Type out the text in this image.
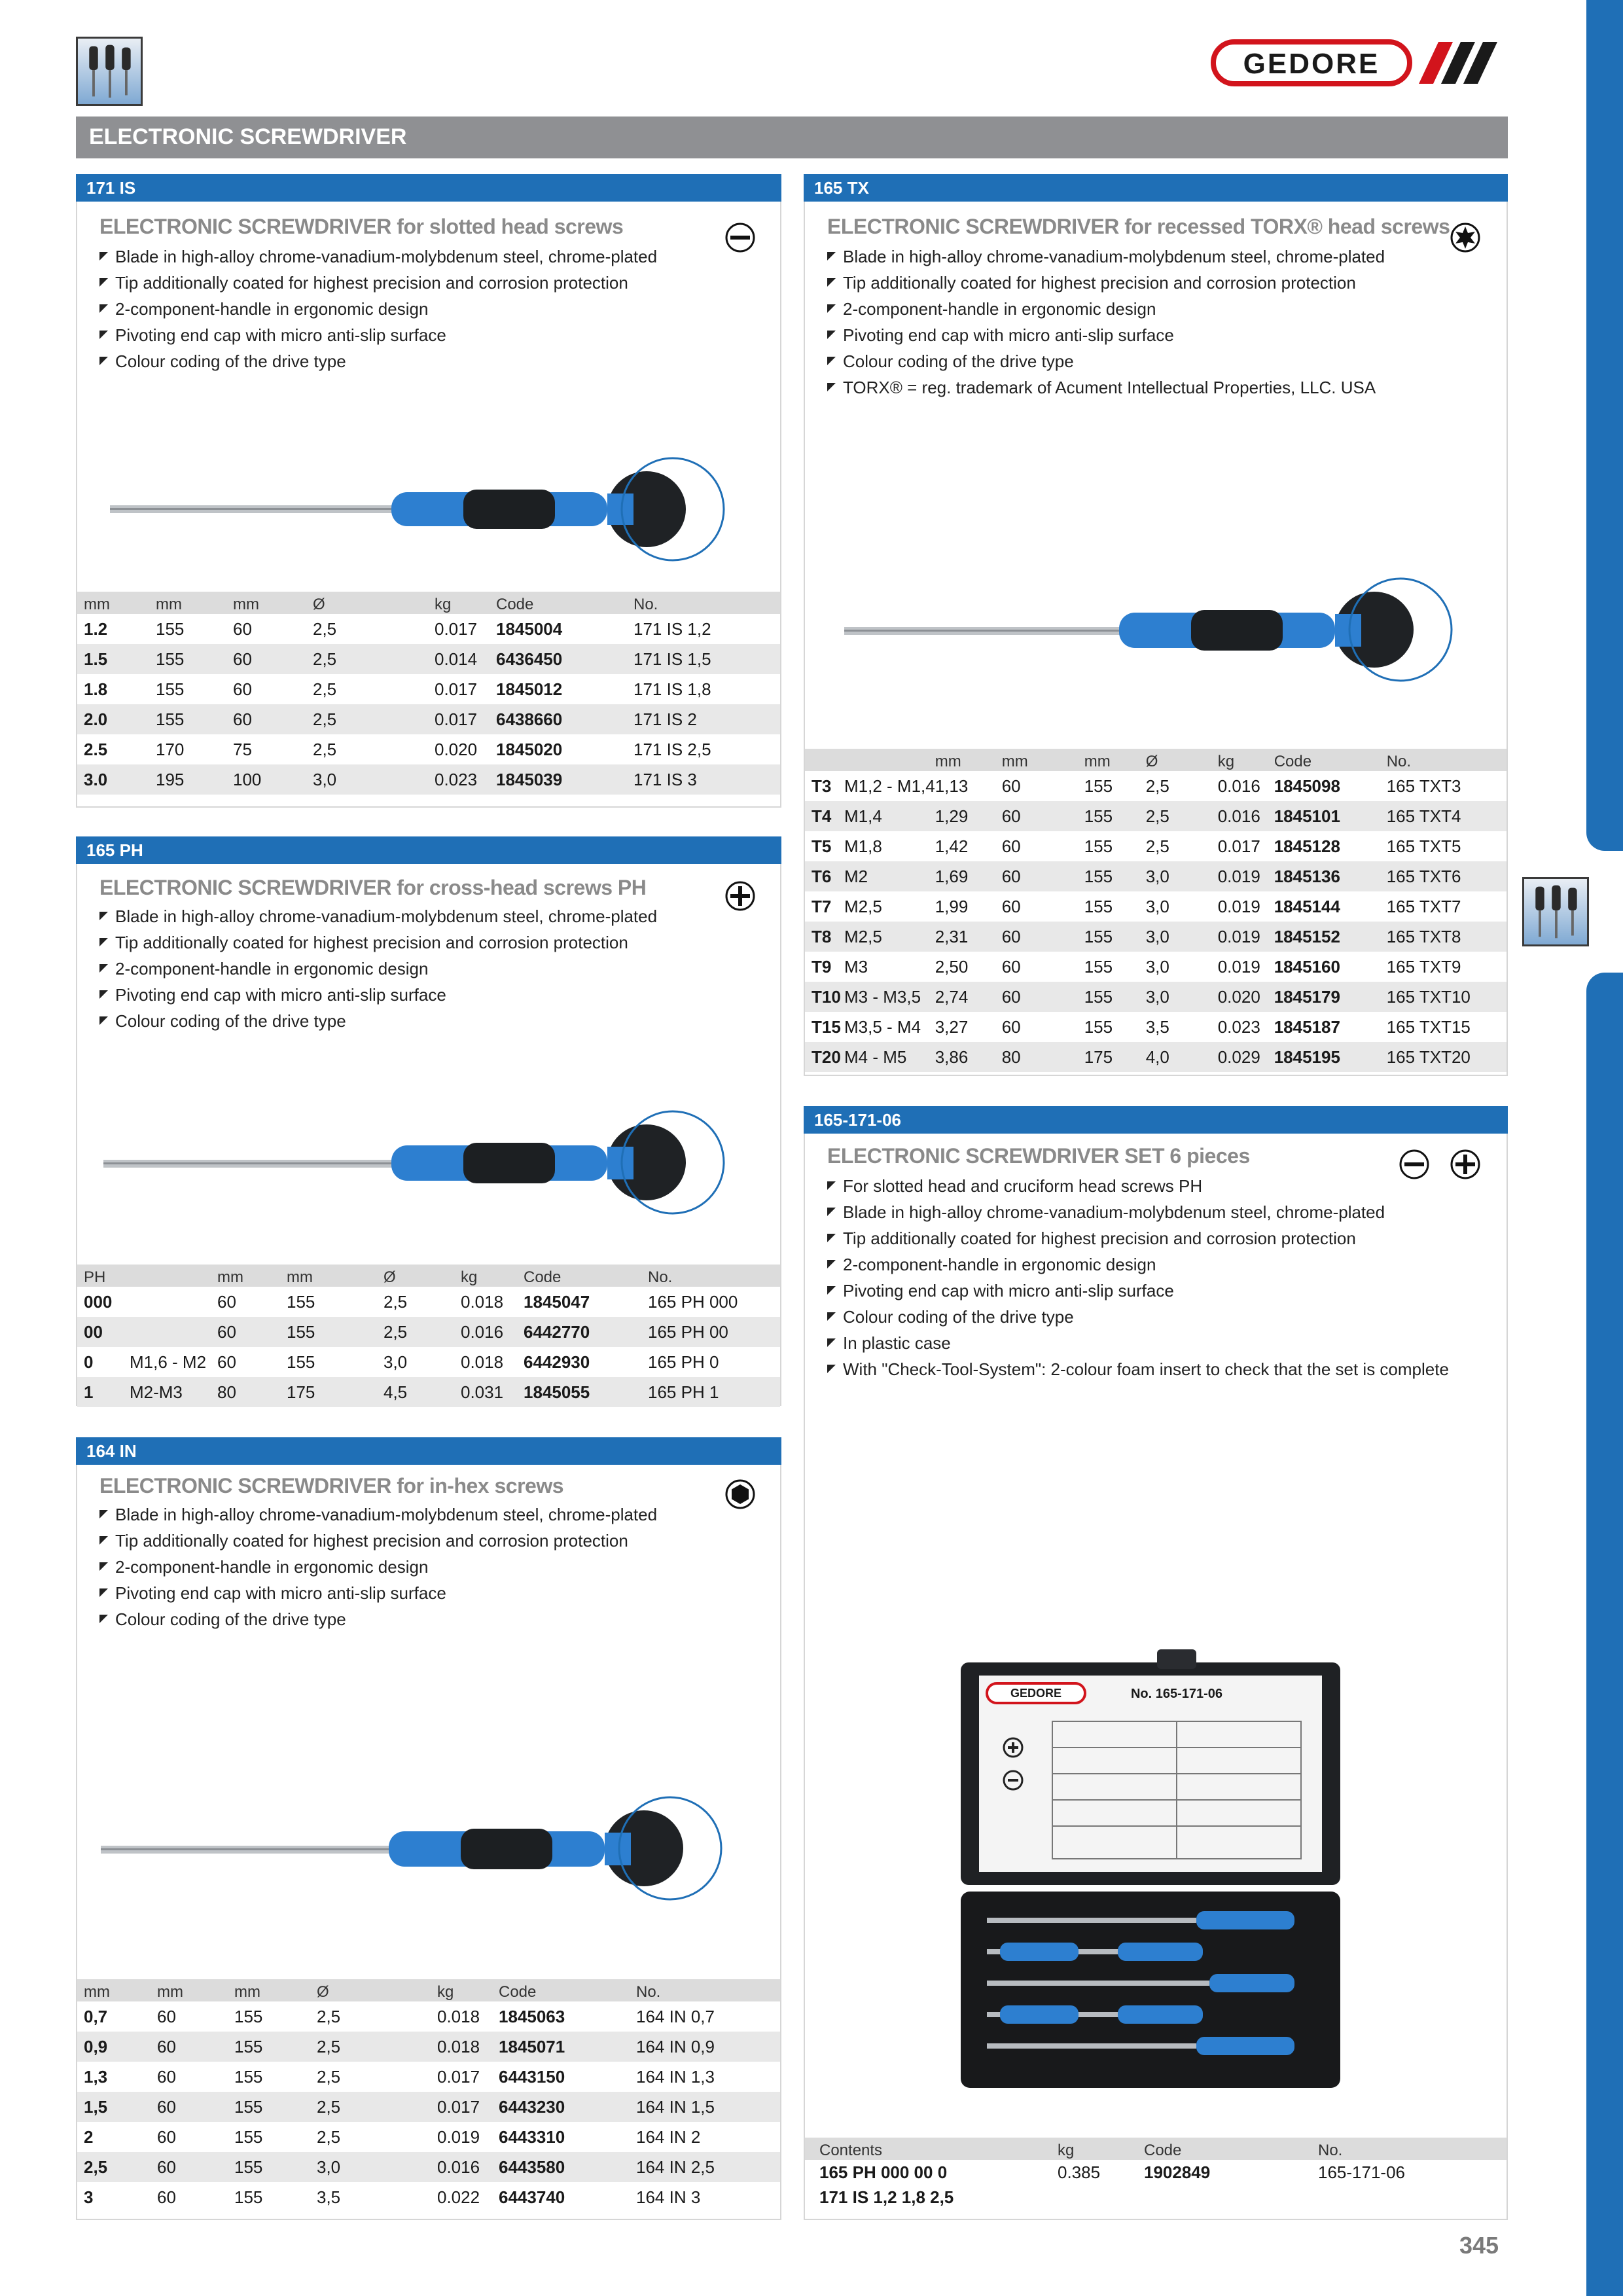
GEDORE
ELECTRONIC SCREWDRIVER
171 IS
ELECTRONIC SCREWDRIVER for slotted head screws
Blade in high-alloy chrome-vanadium-molybdenum steel, chrome-plated
Tip additionally coated for highest precision and corrosion protection
2-component-handle in ergonomic design
Pivoting end cap with micro anti-slip surface
Colour coding of the drive type
mm	mm	mm	Ø	kg	Code	No.
1.2	155	60	2,5	0.017	1845004	171 IS 1,2
1.5	155	60	2,5	0.014	6436450	171 IS 1,5
1.8	155	60	2,5	0.017	1845012	171 IS 1,8
2.0	155	60	2,5	0.017	6438660	171 IS 2
2.5	170	75	2,5	0.020	1845020	171 IS 2,5
3.0	195	100	3,0	0.023	1845039	171 IS 3
165 PH
ELECTRONIC SCREWDRIVER for cross-head screws PH
Blade in high-alloy chrome-vanadium-molybdenum steel, chrome-plated
Tip additionally coated for highest precision and corrosion protection
2-component-handle in ergonomic design
Pivoting end cap with micro anti-slip surface
Colour coding of the drive type
PH		mm	mm	Ø	kg	Code	No.
000		60	155	2,5	0.018	1845047	165 PH 000
00		60	155	2,5	0.016	6442770	165 PH 00
0	M1,6 - M2	60	155	3,0	0.018	6442930	165 PH 0
1	M2-M3	80	175	4,5	0.031	1845055	165 PH 1
164 IN
ELECTRONIC SCREWDRIVER for in-hex screws
Blade in high-alloy chrome-vanadium-molybdenum steel, chrome-plated
Tip additionally coated for highest precision and corrosion protection
2-component-handle in ergonomic design
Pivoting end cap with micro anti-slip surface
Colour coding of the drive type
mm	mm	mm	Ø	kg	Code	No.
0,7	60	155	2,5	0.018	1845063	164 IN 0,7
0,9	60	155	2,5	0.018	1845071	164 IN 0,9
1,3	60	155	2,5	0.017	6443150	164 IN 1,3
1,5	60	155	2,5	0.017	6443230	164 IN 1,5
2	60	155	2,5	0.019	6443310	164 IN 2
2,5	60	155	3,0	0.016	6443580	164 IN 2,5
3	60	155	3,5	0.022	6443740	164 IN 3
165 TX
ELECTRONIC SCREWDRIVER for recessed TORX® head screws
Blade in high-alloy chrome-vanadium-molybdenum steel, chrome-plated
Tip additionally coated for highest precision and corrosion protection
2-component-handle in ergonomic design
Pivoting end cap with micro anti-slip surface
Colour coding of the drive type
TORX® = reg. trademark of Acument Intellectual Properties, LLC. USA
		mm	mm	mm	Ø	kg	Code	No.
T3	M1,2 - M1,4	1,13	60	155	2,5	0.016	1845098	165 TXT3
T4	M1,4	1,29	60	155	2,5	0.016	1845101	165 TXT4
T5	M1,8	1,42	60	155	2,5	0.017	1845128	165 TXT5
T6	M2	1,69	60	155	3,0	0.019	1845136	165 TXT6
T7	M2,5	1,99	60	155	3,0	0.019	1845144	165 TXT7
T8	M2,5	2,31	60	155	3,0	0.019	1845152	165 TXT8
T9	M3	2,50	60	155	3,0	0.019	1845160	165 TXT9
T10	M3 - M3,5	2,74	60	155	3,0	0.020	1845179	165 TXT10
T15	M3,5 - M4	3,27	60	155	3,5	0.023	1845187	165 TXT15
T20	M4 - M5	3,86	80	175	4,0	0.029	1845195	165 TXT20
165-171-06
ELECTRONIC SCREWDRIVER SET 6 pieces
For slotted head and cruciform head screws PH
Blade in high-alloy chrome-vanadium-molybdenum steel, chrome-plated
Tip additionally coated for highest precision and corrosion protection
2-component-handle in ergonomic design
Pivoting end cap with micro anti-slip surface
Colour coding of the drive type
In plastic case
With "Check-Tool-System": 2-colour foam insert to check that the set is complete
GEDORE	No. 165-171-06
Contents	kg	Code	No.
165 PH 000 00 0	0.385	1902849	165-171-06
171 IS 1,2 1,8 2,5			
345
